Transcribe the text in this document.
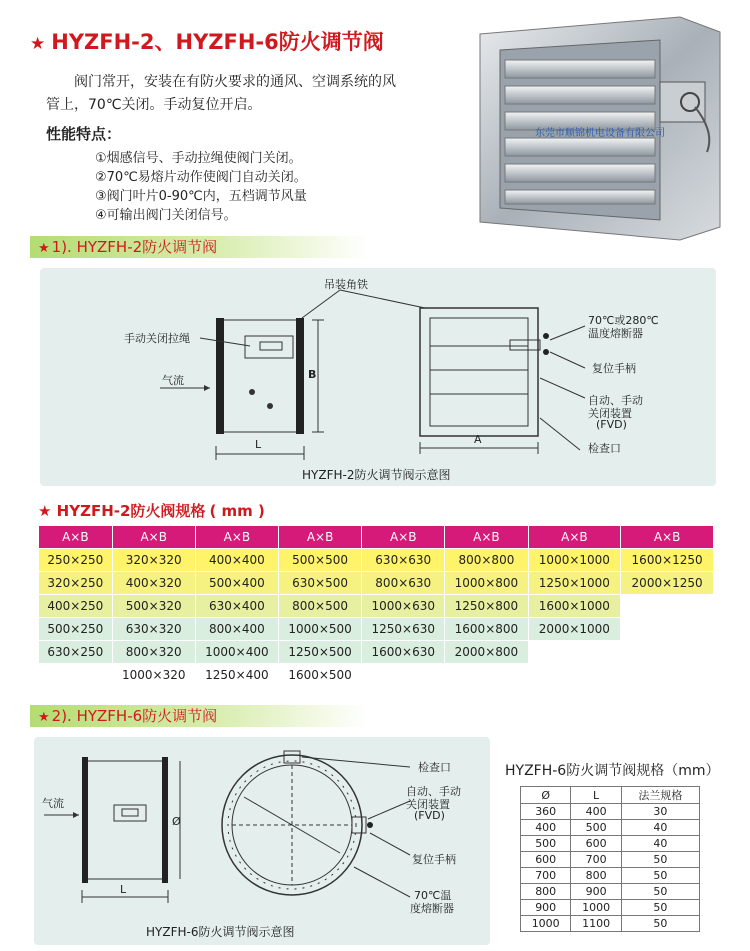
★ HYZFH-2、HYZFH-6防火调节阀
阀门常开，安装在有防火要求的通风、空调系统的风
管上，70℃关闭。手动复位开启。
性能特点：
①烟感信号、手动拉绳使阀门关闭。
②70℃易熔片动作使阀门自动关闭。
③阀门叶片0-90℃内，五档调节风量
④可输出阀门关闭信号。
东莞市顺锦机电设备有限公司
★ 1). HYZFH-2防火调节阀
吊装角铁
手动关闭拉绳
气流	B
L	A
70℃或280℃
温度熔断器
复位手柄
自动、手动
关闭装置
(FVD)
检查口
HYZFH-2防火调节阀示意图
★ HYZFH-2防火阀规格 ( mm )
A×B	A×B	A×B	A×B	A×B	A×B	A×B	A×B
250×250	320×320	400×400	500×500	630×630	800×800	1000×1000	1600×1250
320×250	400×320	500×400	630×500	800×630	1000×800	1250×1000	2000×1250
400×250	500×320	630×400	800×500	1000×630	1250×800	1600×1000	
500×250	630×320	800×400	1000×500	1250×630	1600×800	2000×1000	
630×250	800×320	1000×400	1250×500	1600×630	2000×800		
	1000×320	1250×400	1600×500				
★ 2). HYZFH-6防火调节阀
气流
L
Ø
检查口
自动、手动
关闭装置
(FVD)
复位手柄
70℃温
度熔断器
HYZFH-6防火调节阀示意图
HYZFH-6防火调节阀规格（mm）
Ø	L	法兰规格
360	400	30
400	500	40
500	600	40
600	700	50
700	800	50
800	900	50
900	1000	50
1000	1100	50
